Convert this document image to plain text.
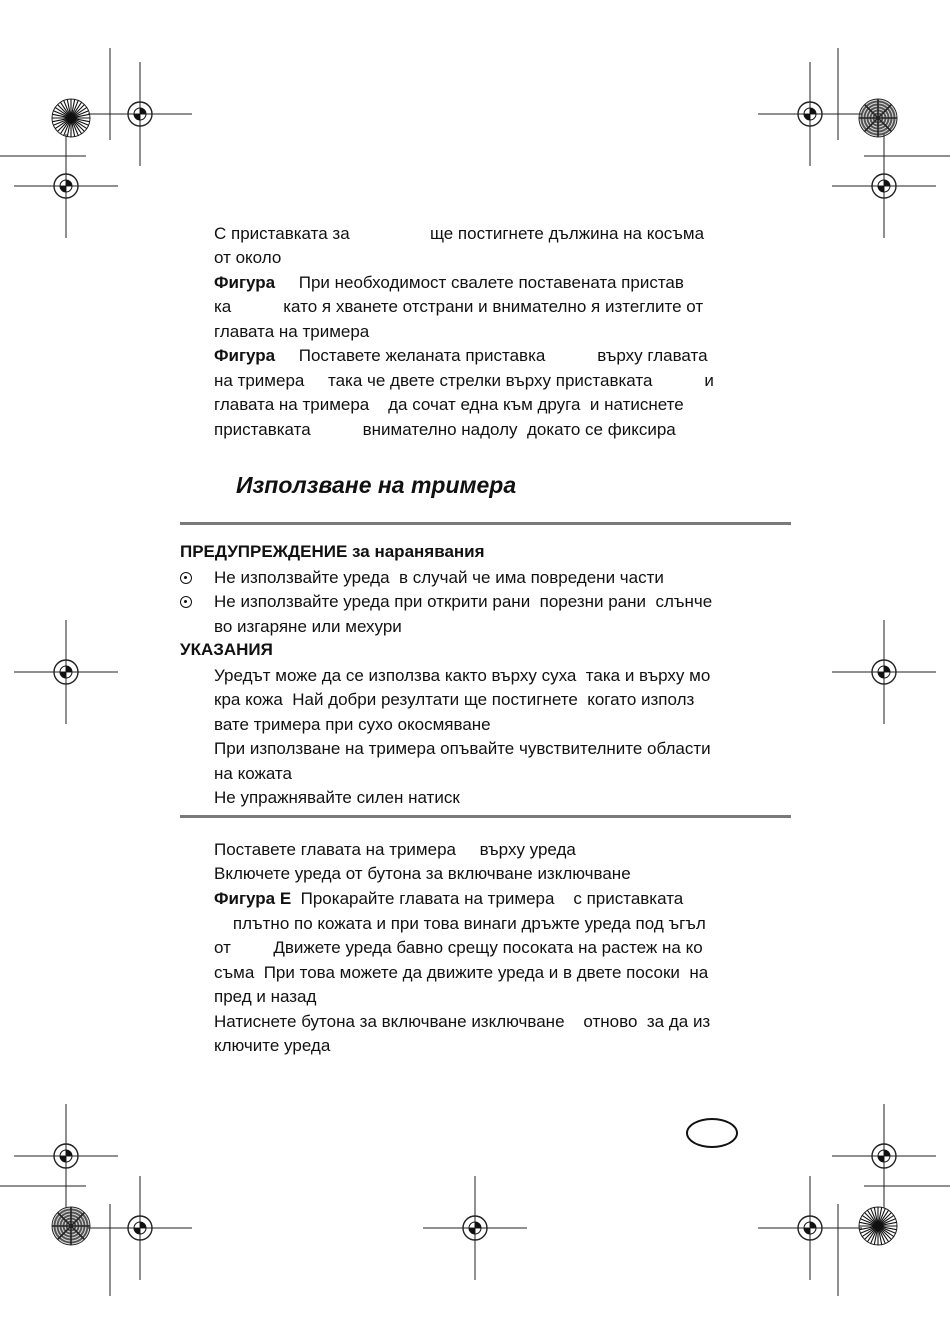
С приставката за                 ще постигнете дължина на косъма
от около
Фигура     При необходимост свалете поставената пристав
ка           като я хванете отстрани и внимателно я изтеглите от
главата на тримера
Фигура     Поставете желаната приставка           върху главата
на тримера     така че двете стрелки върху приставката           и
главата на тримера    да сочат една към друга  и натиснете
приставката           внимателно надолу  докато се фиксира
Използване на тримера
ПРЕДУПРЕЖДЕНИЕ за наранявания
Не използвайте уреда  в случай че има повредени части
Не използвайте уреда при открити рани  порезни рани  слънче
во изгаряне или мехури
УКАЗАНИЯ
Уредът може да се използва както върху суха  така и върху мо
кра кожа  Най добри резултати ще постигнете  когато използ
вате тримера при сухо окосмяване
При използване на тримера опъвайте чувствителните области
на кожата
Не упражнявайте силен натиск
Поставете главата на тримера     върху уреда
Включете уреда от бутона за включване изключване
Фигура Е  Прокарайте главата на тримера    с приставката
плътно по кожата и при това винаги дръжте уреда под ъгъл
от         Движете уреда бавно срещу посоката на растеж на ко
съма  При това можете да движите уреда и в двете посоки  на
пред и назад
Натиснете бутона за включване изключване    отново  за да из
ключите уреда
